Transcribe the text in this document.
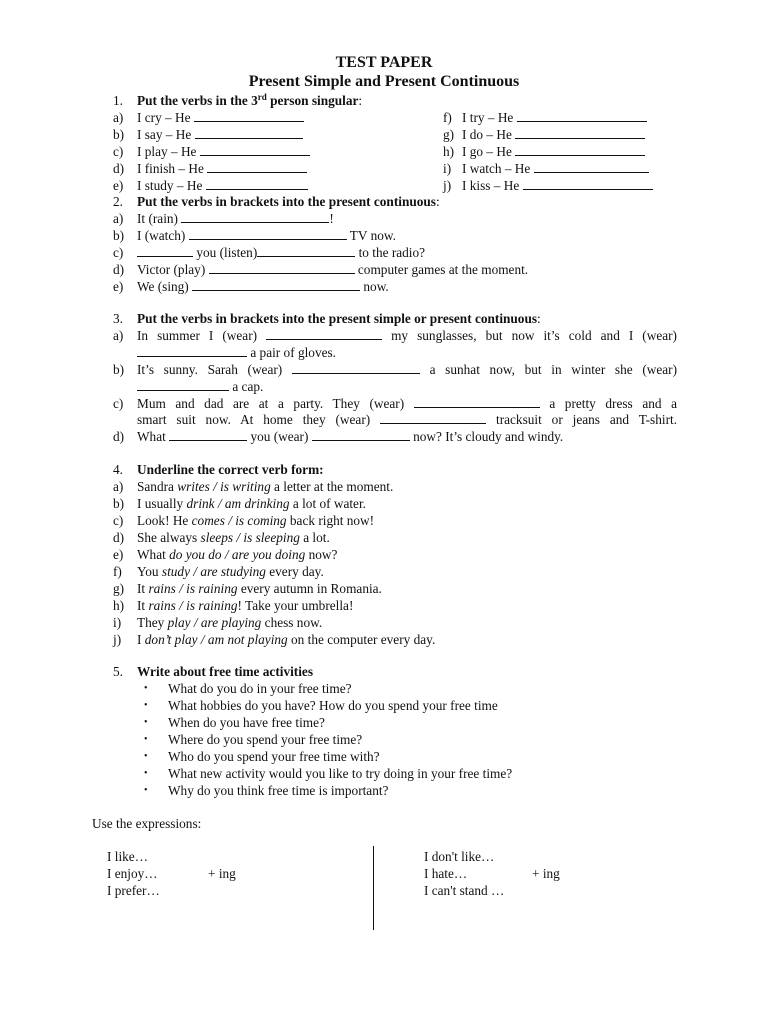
TEST PAPER
Present Simple and Present Continuous
1. Put the verbs in the 3rd person singular:
a) I cry – He
b) I say – He
c) I play – He
d) I finish – He
e) I study – He
f) I try – He
g) I do – He
h) I go – He
i) I watch – He
j) I kiss – He
2. Put the verbs in brackets into the present continuous:
a) It (rain)	!
b) I (watch)	TV now.
c)	you (listen)	to the radio?
d) Victor (play)	computer games at the moment.
e) We (sing)	now.
3. Put the verbs in brackets into the present simple or present continuous:
a) In summer I (wear)	my sunglasses, but now it’s cold and I (wear)
a pair of gloves.
b) It’s sunny. Sarah (wear)	a sunhat now, but in winter she (wear)
a cap.
c) Mum and dad are at a party. They (wear)	a pretty dress and a
smart suit now. At home they (wear)	tracksuit or jeans and T-shirt.
d) What	you (wear)	now? It’s cloudy and windy.
4. Underline the correct verb form:
a) Sandra writes / is writing a letter at the moment.
b) I usually drink / am drinking a lot of water.
c) Look! He comes / is coming back right now!
d) She always sleeps / is sleeping a lot.
e) What do you do / are you doing now?
f) You study / are studying every day.
g) It rains / is raining every autumn in Romania.
h) It rains / is raining! Take your umbrella!
i) They play / are playing chess now.
j) I don’t play / am not playing on the computer every day.
5. Write about free time activities
• What do you do in your free time?
• What hobbies do you have? How do you spend your free time
• When do you have free time?
• Where do you spend your free time?
• Who do you spend your free time with?
• What new activity would you like to try doing in your free time?
• Why do you think free time is important?
Use the expressions:
I like…
I enjoy…
I prefer…
+ ing
I don't like…
I hate…
I can't stand …
+ ing
